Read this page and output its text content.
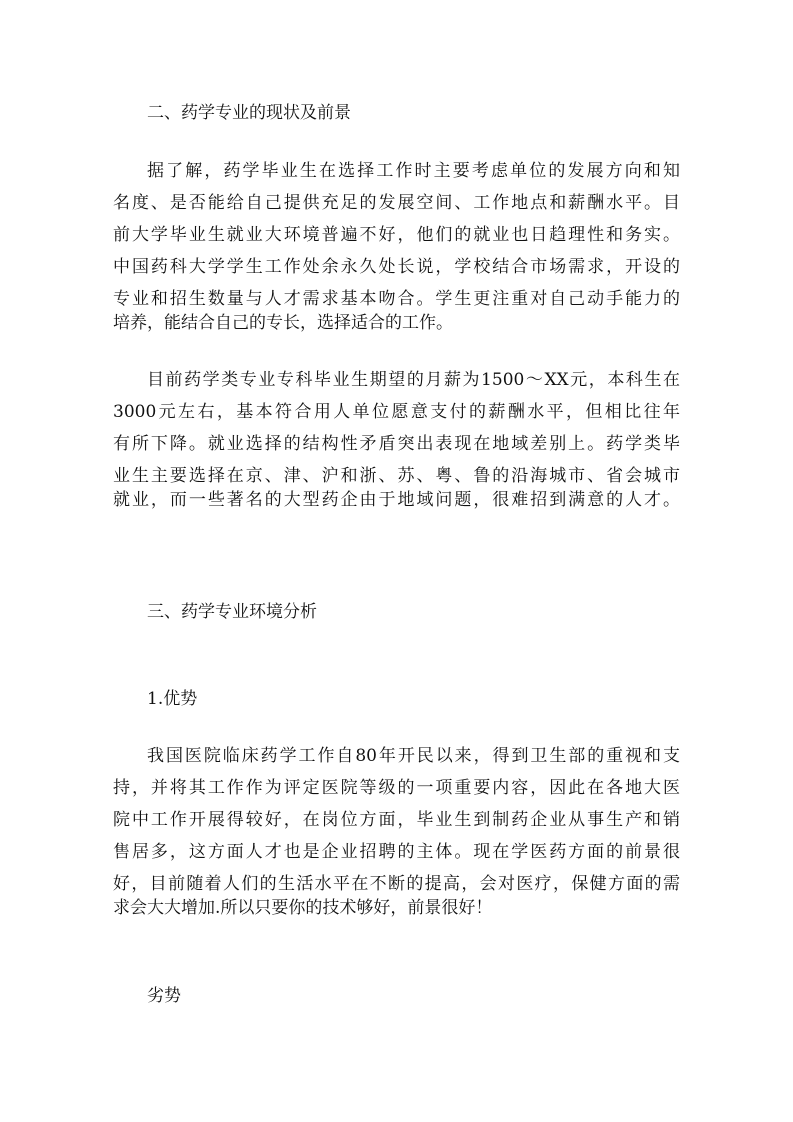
二、药学专业的现状及前景
据了解，药学毕业生在选择工作时主要考虑单位的发展方向和知
名度、是否能给自己提供充足的发展空间、工作地点和薪酬水平。目
前大学毕业生就业大环境普遍不好，他们的就业也日趋理性和务实。
中国药科大学学生工作处余永久处长说，学校结合市场需求，开设的
专业和招生数量与人才需求基本吻合。学生更注重对自己动手能力的
培养，能结合自己的专长，选择适合的工作。
目前药学类专业专科毕业生期望的月薪为1500～XX元，本科生在
3000元左右，基本符合用人单位愿意支付的薪酬水平，但相比往年
有所下降。就业选择的结构性矛盾突出表现在地域差别上。药学类毕
业生主要选择在京、津、沪和浙、苏、粤、鲁的沿海城市、省会城市
就业，而一些著名的大型药企由于地域问题，很难招到满意的人才。
三、药学专业环境分析
1.优势
我国医院临床药学工作自80年开民以来，得到卫生部的重视和支
持，并将其工作作为评定医院等级的一项重要内容，因此在各地大医
院中工作开展得较好，在岗位方面，毕业生到制药企业从事生产和销
售居多，这方面人才也是企业招聘的主体。现在学医药方面的前景很
好，目前随着人们的生活水平在不断的提高，会对医疗，保健方面的需
求会大大增加.所以只要你的技术够好，前景很好！
劣势
